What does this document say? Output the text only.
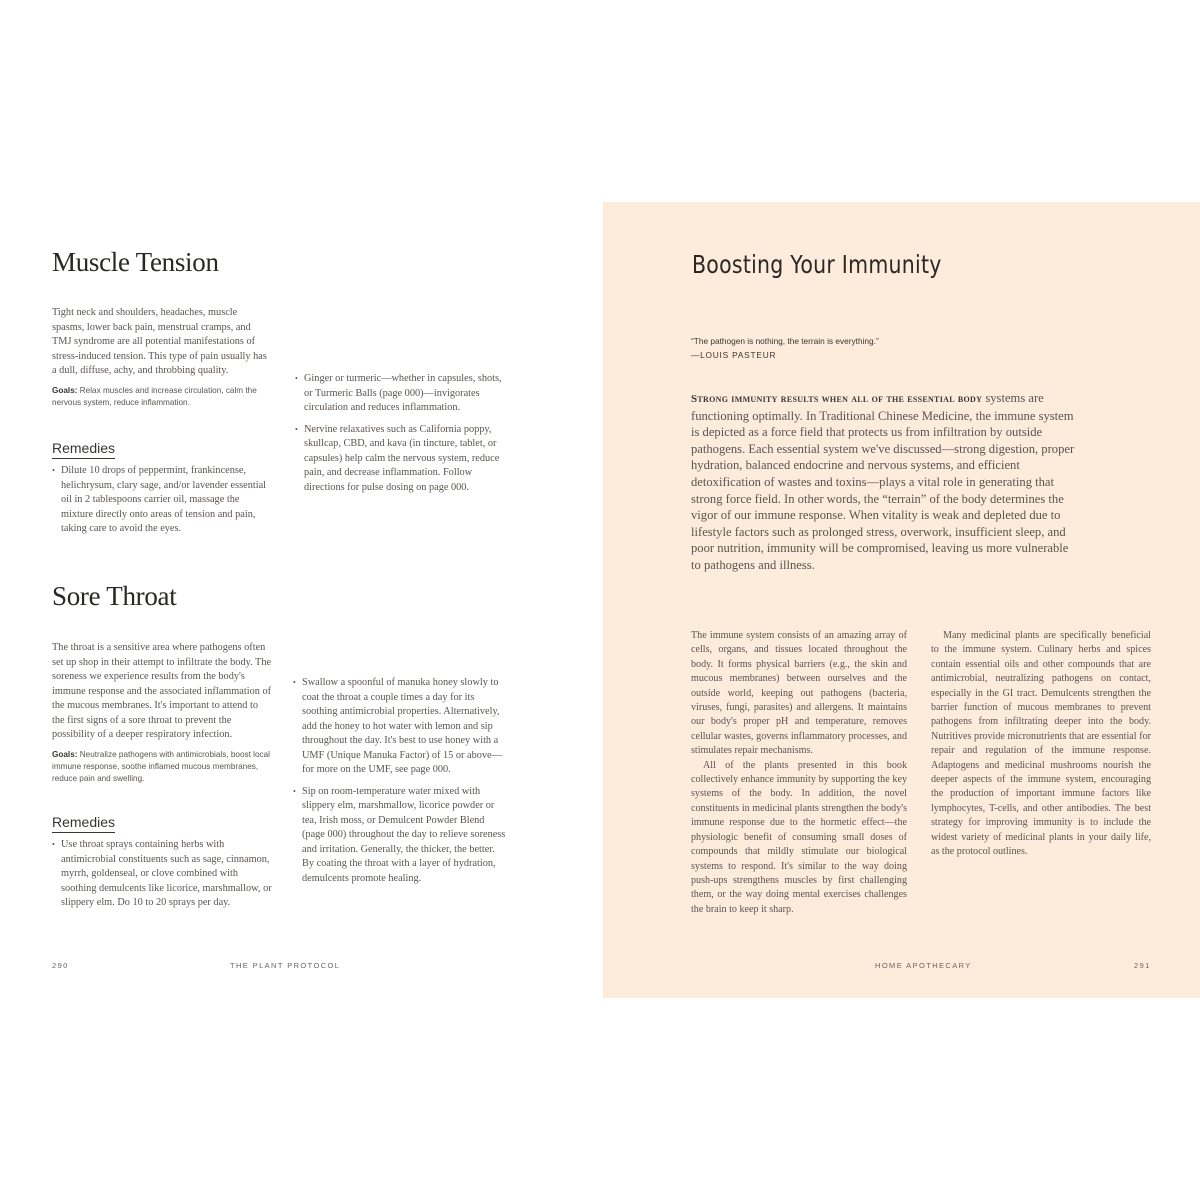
Muscle Tension

Tight neck and shoulders, headaches, muscle spasms, lower back pain, menstrual cramps, and TMJ syndrome are all potential manifestations of stress-induced tension. This type of pain usually has a dull, diffuse, achy, and throbbing quality.

Goals: Relax muscles and increase circulation, calm the nervous system, reduce inflammation.

Remedies
• Dilute 10 drops of peppermint, frankincense, helichrysum, clary sage, and/or lavender essential oil in 2 tablespoons carrier oil, massage the mixture directly onto areas of tension and pain, taking care to avoid the eyes.
• Ginger or turmeric—whether in capsules, shots, or Turmeric Balls (page 000)—invigorates circulation and reduces inflammation.
• Nervine relaxatives such as California poppy, skullcap, CBD, and kava (in tincture, tablet, or capsules) help calm the nervous system, reduce pain, and decrease inflammation. Follow directions for pulse dosing on page 000.
Sore Throat

The throat is a sensitive area where pathogens often set up shop in their attempt to infiltrate the body. The soreness we experience results from the body's immune response and the associated inflammation of the mucous membranes. It's important to attend to the first signs of a sore throat to prevent the possibility of a deeper respiratory infection.

Goals: Neutralize pathogens with antimicrobials, boost local immune response, soothe inflamed mucous membranes, reduce pain and swelling.

Remedies
• Use throat sprays containing herbs with antimicrobial constituents such as sage, cinnamon, myrrh, goldenseal, or clove combined with soothing demulcents like licorice, marshmallow, or slippery elm. Do 10 to 20 sprays per day.
• Swallow a spoonful of manuka honey slowly to coat the throat a couple times a day for its soothing antimicrobial properties. Alternatively, add the honey to hot water with lemon and sip throughout the day. It's best to use honey with a UMF (Unique Manuka Factor) of 15 or above—for more on the UMF, see page 000.
• Sip on room-temperature water mixed with slippery elm, marshmallow, licorice powder or tea, Irish moss, or Demulcent Powder Blend (page 000) throughout the day to relieve soreness and irritation. Generally, the thicker, the better. By coating the throat with a layer of hydration, demulcents promote healing.
290	THE PLANT PROTOCOL
Boosting Your Immunity
“The pathogen is nothing, the terrain is everything.”
—LOUIS PASTEUR
Strong immunity results when all of the essential body systems are functioning optimally. In Traditional Chinese Medicine, the immune system is depicted as a force field that protects us from infiltration by outside pathogens. Each essential system we've discussed—strong digestion, proper hydration, balanced endocrine and nervous systems, and efficient detoxification of wastes and toxins—plays a vital role in generating that strong force field. In other words, the “terrain” of the body determines the vigor of our immune response. When vitality is weak and depleted due to lifestyle factors such as prolonged stress, overwork, insufficient sleep, and poor nutrition, immunity will be compromised, leaving us more vulnerable to pathogens and illness.

The immune system consists of an amazing array of cells, organs, and tissues located throughout the body. It forms physical barriers (e.g., the skin and mucous membranes) between ourselves and the outside world, keeping out pathogens (bacteria, viruses, fungi, parasites) and allergens. It maintains our body's proper pH and temperature, removes cellular wastes, governs inflammatory processes, and stimulates repair mechanisms.

All of the plants presented in this book collectively enhance immunity by supporting the key systems of the body. In addition, the novel constituents in medicinal plants strengthen the body's immune response due to the hormetic effect—the physiologic benefit of consuming small doses of compounds that mildly stimulate our biological systems to respond. It's similar to the way doing push-ups strengthens muscles by first challenging them, or the way doing mental exercises challenges the brain to keep it sharp.

Many medicinal plants are specifically beneficial to the immune system. Culinary herbs and spices contain essential oils and other compounds that are antimicrobial, neutralizing pathogens on contact, especially in the GI tract. Demulcents strengthen the barrier function of mucous membranes to prevent pathogens from infiltrating deeper into the body. Nutritives provide micronutrients that are essential for repair and regulation of the immune response. Adaptogens and medicinal mushrooms nourish the deeper aspects of the immune system, encouraging the production of important immune factors like lymphocytes, T-cells, and other antibodies. The best strategy for improving immunity is to include the widest variety of medicinal plants in your daily life, as the protocol outlines.

HOME APOTHECARY	291
